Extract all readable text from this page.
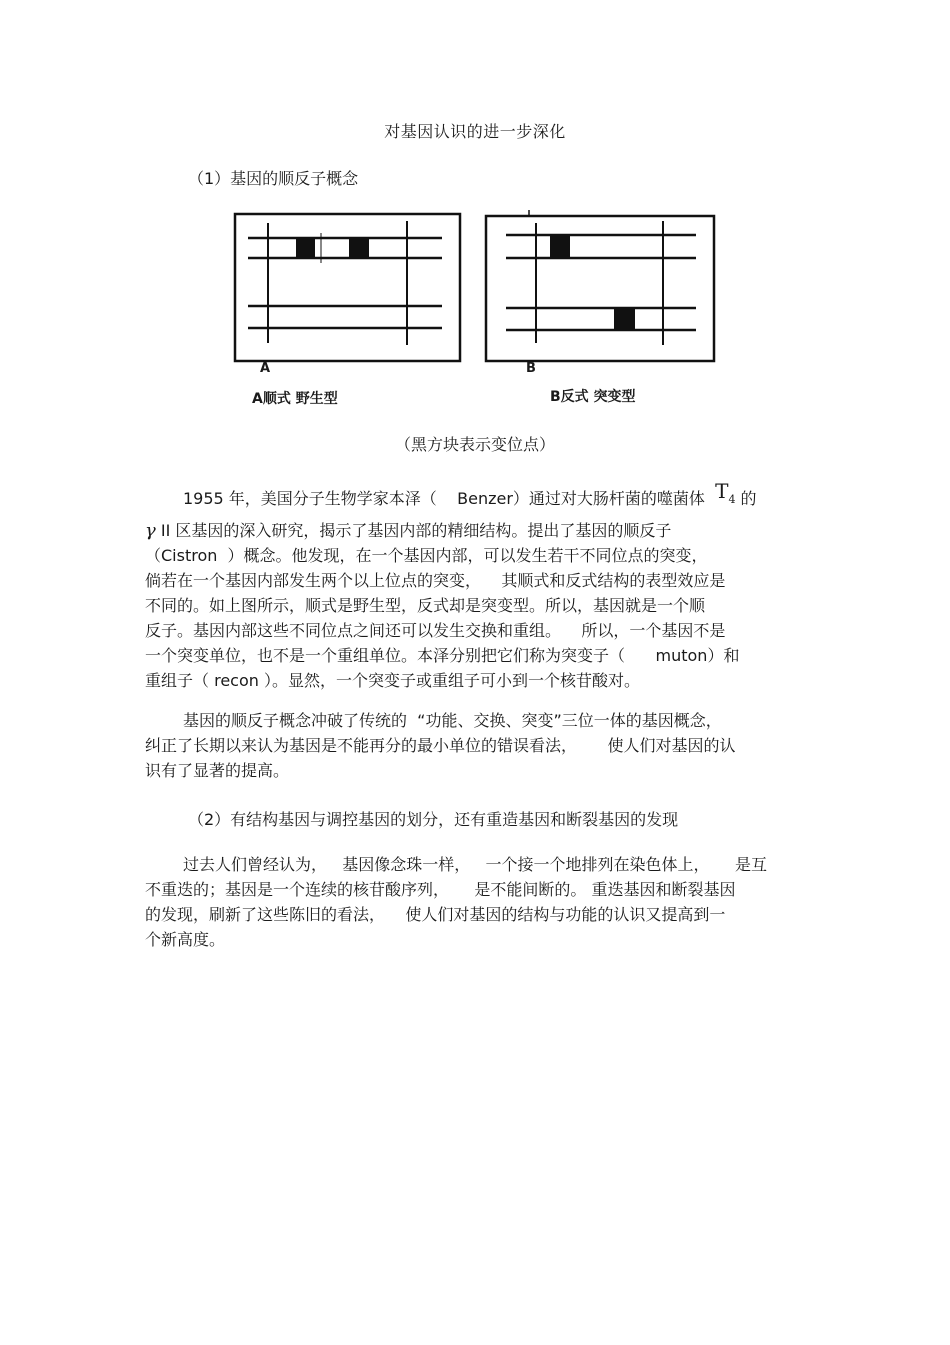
对基因认识的进一步深化
（1）基因的顺反子概念
A
A顺式 野生型
B
B反式 突变型
（黑方块表示变位点）
1955 年，美国分子生物学家本泽（    Benzer）通过对大肠杆菌的噬菌体 $T_4$ 的
γ II 区基因的深入研究，揭示了基因内部的精细结构。提出了基因的顺反子
（Cistron  ）概念。他发现，在一个基因内部，可以发生若干不同位点的突变，
倘若在一个基因内部发生两个以上位点的突变，    其顺式和反式结构的表型效应是
不同的。如上图所示，顺式是野生型，反式却是突变型。所以，基因就是一个顺
反子。基因内部这些不同位点之间还可以发生交换和重组。    所以，一个基因不是
一个突变单位，也不是一个重组单位。本泽分别把它们称为突变子（      muton）和
重组子（ recon ）。显然，一个突变子或重组子可小到一个核苷酸对。
基因的顺反子概念冲破了传统的  “功能、交换、突变”三位一体的基因概念，
纠正了长期以来认为基因是不能再分的最小单位的错误看法，      使人们对基因的认
识有了显著的提高。
（2）有结构基因与调控基因的划分，还有重造基因和断裂基因的发现
过去人们曾经认为，   基因像念珠一样，   一个接一个地排列在染色体上，     是互
不重迭的；基因是一个连续的核苷酸序列，     是不能间断的。 重迭基因和断裂基因
的发现，刷新了这些陈旧的看法，    使人们对基因的结构与功能的认识又提高到一
个新高度。
